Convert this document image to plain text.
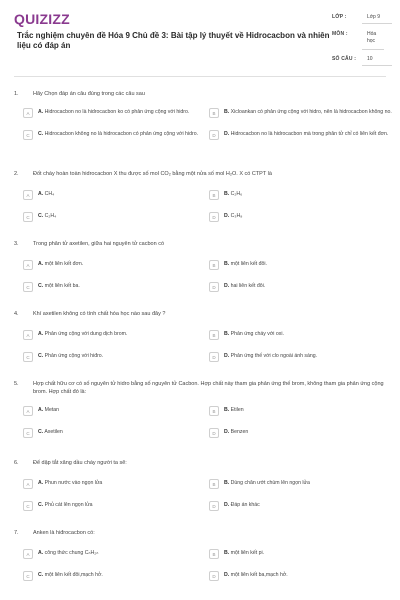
QUIZIZZ	LỚP :	Lớp 9
MÔN :	Hóa học
SỐ CÂU :	10
Trắc nghiệm chuyên đề Hóa 9 Chủ đề 3: Bài tập lý thuyết về Hidrocacbon và nhiên liệu có đáp án
1.	Hãy Chọn đáp án câu đúng trong các câu sau
A	A. Hidrocacbon no là hidrocacbon ko có phản ứng cộng với hidro.	B	B. Xicloankan có phản ứng cộng với hidro, nên là hidrocacbon không no.
C	C. Hidrocacbon không no là hidrocacbon có phản ứng cộng với hidro.	D	D. Hidrocacbon no là hidrocacbon mà trong phân tử chỉ có liên kết đơn.
2.	Đốt cháy hoàn toàn hidrocacbon X thu được số mol CO₂ bằng một nửa số mol H₂O. X có CTPT là
A	A. CH₄	B	B. C₂H₆
C	C. C₂H₄	D	D. C₃H₈
3.	Trong phân tử axetilen, giữa hai nguyên tử cacbon có
A	A. một liên kết đơn.	B	B. một liên kết đôi.
C	C. một liên kết ba.	D	D. hai liên kết đôi.
4.	Khí axetilen không có tính chất hóa học nào sau đây ?
A	A. Phản ứng cộng với dung dịch brom.	B	B. Phản ứng cháy với oxi.
C	C. Phản ứng cộng với hiđro.	D	D. Phản ứng thế với clo ngoài ánh sáng.
5.	Hợp chất hữu cơ có số nguyên tử hidro bằng số nguyên tử Cacbon. Hợp chất này tham gia phản ứng thế brom, không tham gia phản ứng cộng brom. Hợp chất đó là:
A	A. Metan	B	B. Etilen
C	C. Axetilen	D	D. Benzen
6.	Để dập tắt xăng dầu cháy người ta sẽ:
A	A. Phun nước vào ngọn lửa	B	B. Dùng chăn ướt chùm lên ngọn lửa
C	C. Phủ cát lên ngọn lửa	D	D. Đáp án khác
7.	Anken là hiđrocacbon có:
A	A. công thức chung CₙH₂ₙ	B	B. một liên kết pi.
C	C. một liên kết đôi,mạch hở.	D	D. một liên kết ba,mạch hở.
